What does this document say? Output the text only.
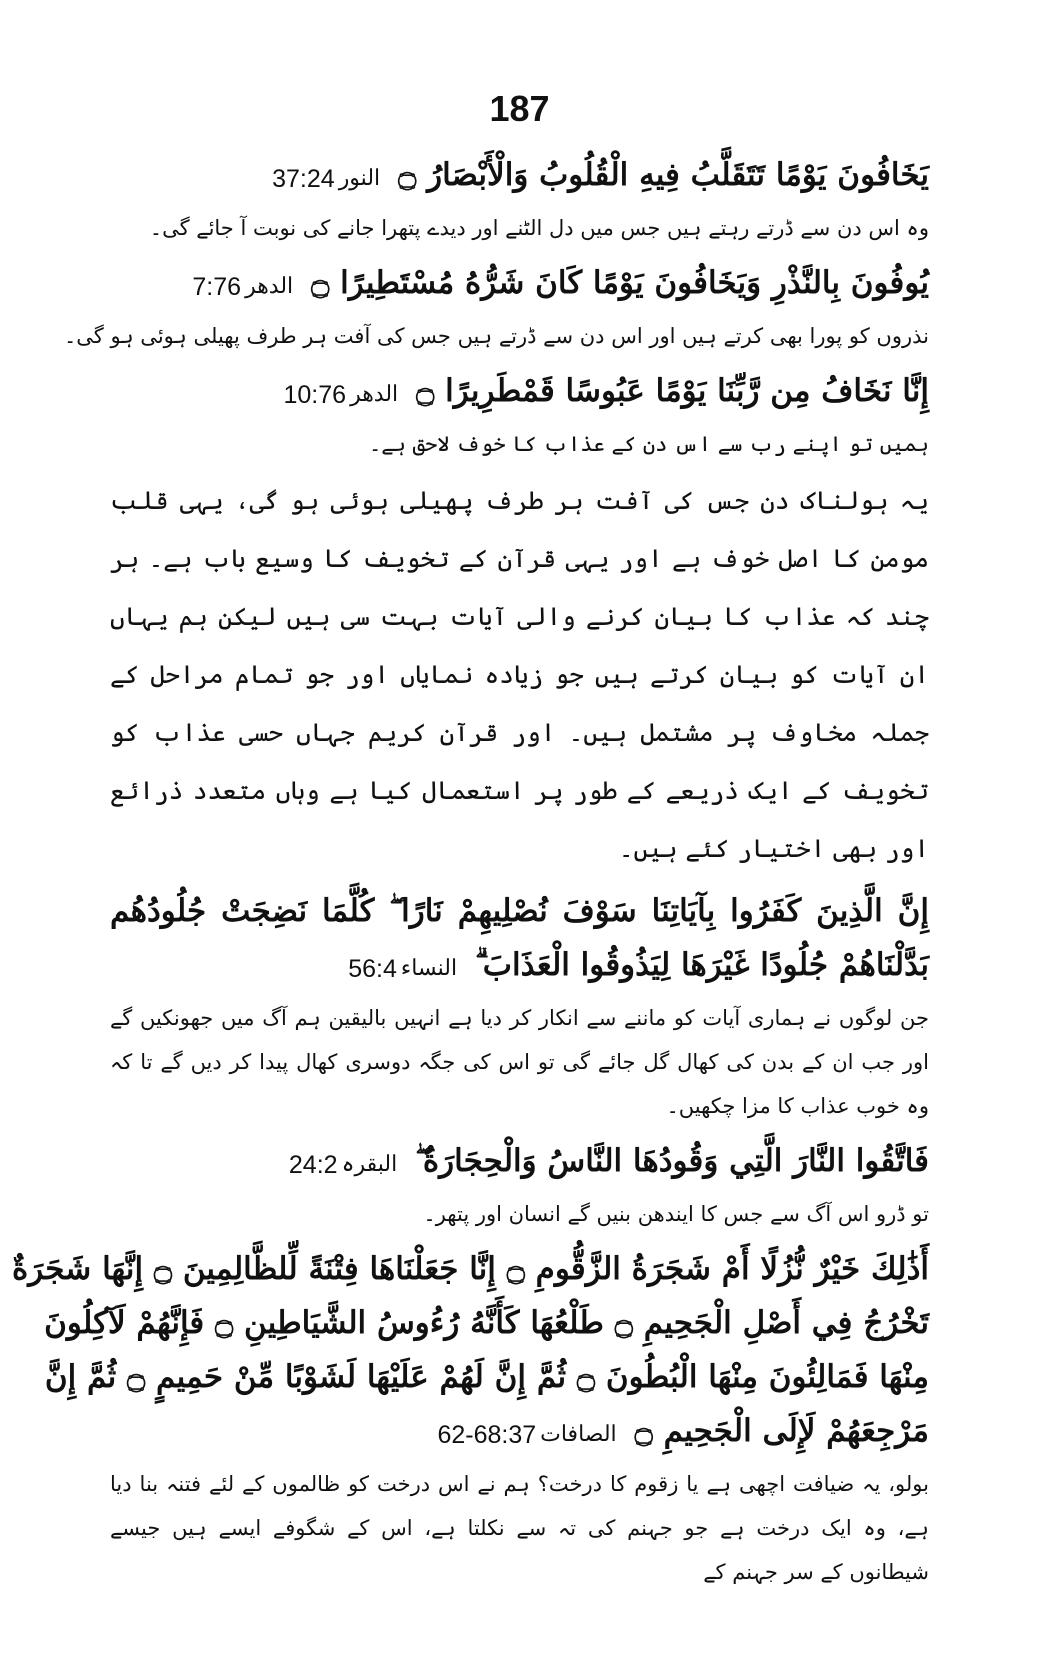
187
يَخَافُونَ يَوْمًا تَتَقَلَّبُ فِيهِ الْقُلُوبُ وَالْأَبْصَارُ ۝
النور
37:24
وہ اس دن سے ڈرتے رہتے ہیں جس میں دل الٹنے اور دیدے پتھرا جانے کی نوبت آ جائے گی۔
يُوفُونَ بِالنَّذْرِ وَيَخَافُونَ يَوْمًا كَانَ شَرُّهُ مُسْتَطِيرًا ۝
الدھر
7:76
نذروں کو پورا بھی کرتے ہیں اور اس دن سے ڈرتے ہیں جس کی آفت ہر طرف پھیلی ہوئی ہو گی۔
إِنَّا نَخَافُ مِن رَّبِّنَا يَوْمًا عَبُوسًا قَمْطَرِيرًا ۝
الدھر
10:76
ہمیں تو اپنے رب سے اس دن کے عذاب کا خوف لاحق ہے۔
یہ ہولناک دن جس کی آفت ہر طرف پھیلی ہوئی ہو گی، یہی قلب مومن کا اصل خوف ہے اور یہی قرآن کے تخویف کا وسیع باب ہے۔ ہر چند کہ عذاب کا بیان کرنے والی آیات بہت سی ہیں لیکن ہم یہاں ان آیات کو بیان کرتے ہیں جو زیادہ نمایاں اور جو تمام مراحل کے جملہ مخاوف پر مشتمل ہیں۔ اور قرآن کریم جہاں حسی عذاب کو تخویف کے ایک ذریعے کے طور پر استعمال کیا ہے وہاں متعدد ذرائع اور بھی اختیار کئے ہیں۔
إِنَّ الَّذِينَ كَفَرُوا بِآيَاتِنَا سَوْفَ نُصْلِيهِمْ نَارًا ۖ كُلَّمَا نَضِجَتْ جُلُودُهُم
بَدَّلْنَاهُمْ جُلُودًا غَيْرَهَا لِيَذُوقُوا الْعَذَابَ ۗ
النساء
56:4
جن لوگوں نے ہماری آیات کو ماننے سے انکار کر دیا ہے انہیں بالیقین ہم آگ میں جھونکیں گے اور جب ان کے بدن کی کھال گل جائے گی تو اس کی جگہ دوسری کھال پیدا کر دیں گے تا کہ وہ خوب عذاب کا مزا چکھیں۔
فَاتَّقُوا النَّارَ الَّتِي وَقُودُهَا النَّاسُ وَالْحِجَارَةُ ۖ
البقرہ
24:2
تو ڈرو اس آگ سے جس کا ایندھن بنیں گے انسان اور پتھر۔
أَذَٰلِكَ خَيْرٌ نُّزُلًا أَمْ شَجَرَةُ الزَّقُّومِ ۝ إِنَّا جَعَلْنَاهَا فِتْنَةً لِّلظَّالِمِينَ ۝ إِنَّهَا شَجَرَةٌ
تَخْرُجُ فِي أَصْلِ الْجَحِيمِ ۝ طَلْعُهَا كَأَنَّهُ رُءُوسُ الشَّيَاطِينِ ۝ فَإِنَّهُمْ لَآكِلُونَ
مِنْهَا فَمَالِئُونَ مِنْهَا الْبُطُونَ ۝ ثُمَّ إِنَّ لَهُمْ عَلَيْهَا لَشَوْبًا مِّنْ حَمِيمٍ ۝ ثُمَّ إِنَّ
مَرْجِعَهُمْ لَإِلَى الْجَحِيمِ ۝
الصافات
62-68:37
بولو، یہ ضیافت اچھی ہے یا زقوم کا درخت؟ ہم نے اس درخت کو ظالموں کے لئے فتنہ بنا دیا ہے، وہ ایک درخت ہے جو جہنم کی تہ سے نکلتا ہے، اس کے شگوفے ایسے ہیں جیسے شیطانوں کے سر جہنم کے
